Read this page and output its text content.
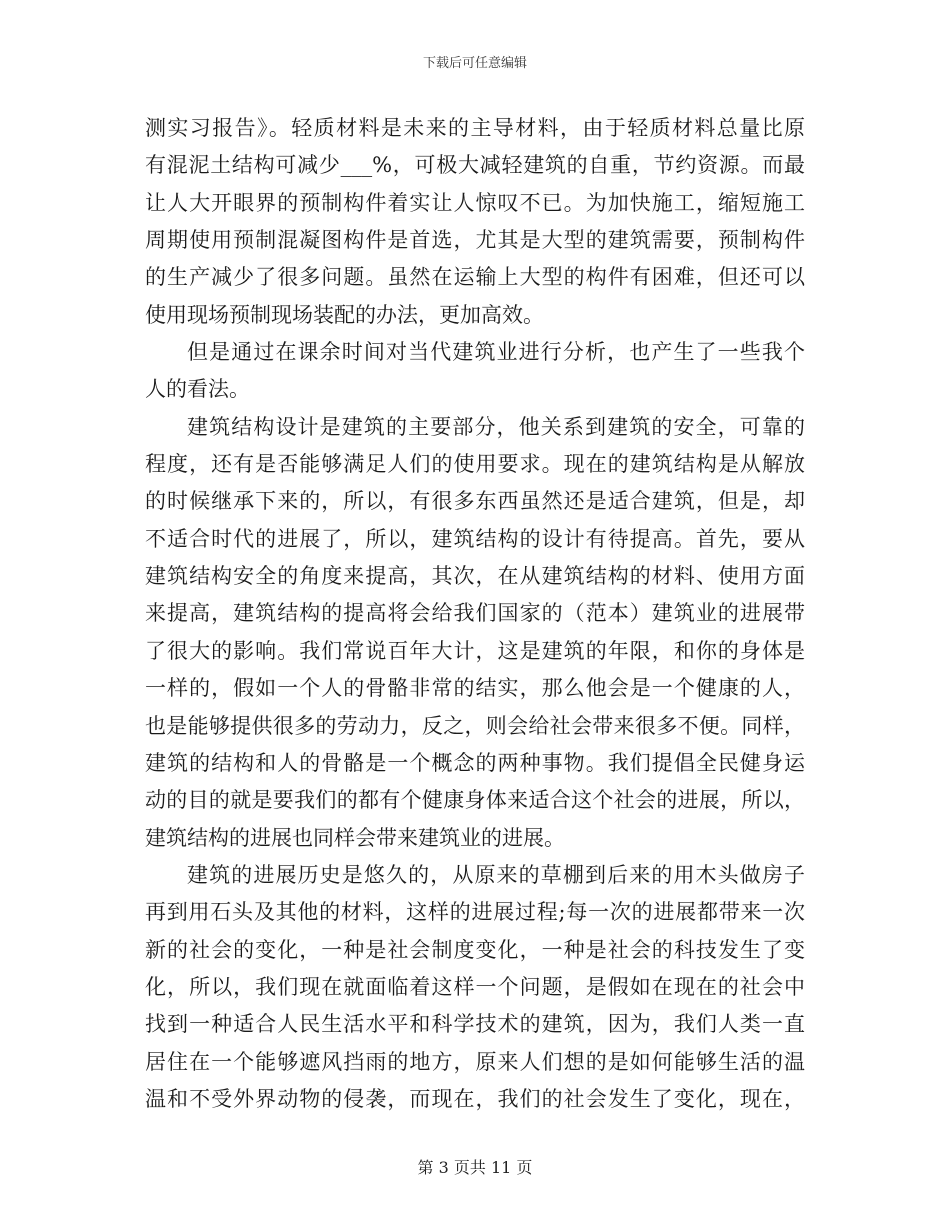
下载后可任意编辑
测实习报告》。轻质材料是未来的主导材料，由于轻质材料总量比原
有混泥土结构可减少___%，可极大减轻建筑的自重，节约资源。而最
让人大开眼界的预制构件着实让人惊叹不已。为加快施工，缩短施工
周期使用预制混凝图构件是首选，尤其是大型的建筑需要，预制构件
的生产减少了很多问题。虽然在运输上大型的构件有困难，但还可以
使用现场预制现场装配的办法，更加高效。
但是通过在课余时间对当代建筑业进行分析，也产生了一些我个
人的看法。
建筑结构设计是建筑的主要部分，他关系到建筑的安全，可靠的
程度，还有是否能够满足人们的使用要求。现在的建筑结构是从解放
的时候继承下来的，所以，有很多东西虽然还是适合建筑，但是，却
不适合时代的进展了，所以，建筑结构的设计有待提高。首先，要从
建筑结构安全的角度来提高，其次，在从建筑结构的材料、使用方面
来提高，建筑结构的提高将会给我们国家的（范本）建筑业的进展带
了很大的影响。我们常说百年大计，这是建筑的年限，和你的身体是
一样的，假如一个人的骨骼非常的结实，那么他会是一个健康的人，
也是能够提供很多的劳动力，反之，则会给社会带来很多不便。同样，
建筑的结构和人的骨骼是一个概念的两种事物。我们提倡全民健身运
动的目的就是要我们的都有个健康身体来适合这个社会的进展，所以，
建筑结构的进展也同样会带来建筑业的进展。
建筑的进展历史是悠久的，从原来的草棚到后来的用木头做房子
再到用石头及其他的材料，这样的进展过程;每一次的进展都带来一次
新的社会的变化，一种是社会制度变化，一种是社会的科技发生了变
化，所以，我们现在就面临着这样一个问题，是假如在现在的社会中
找到一种适合人民生活水平和科学技术的建筑，因为，我们人类一直
居住在一个能够遮风挡雨的地方，原来人们想的是如何能够生活的温
温和不受外界动物的侵袭，而现在，我们的社会发生了变化，现在，
第 3 页共 11 页
